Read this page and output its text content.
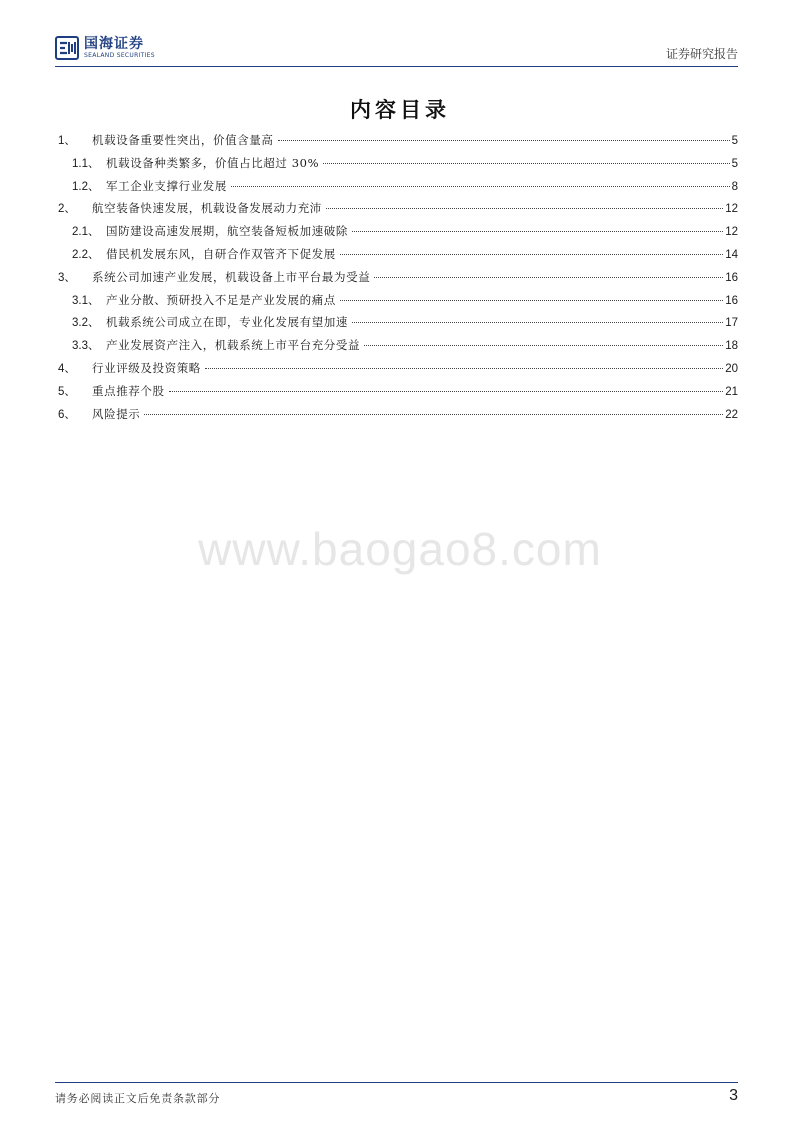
国海证券
SEALAND SECURITIES	证券研究报告
内容目录
1、	机载设备重要性突出，价值含量高	5
1.1、 机载设备种类繁多，价值占比超过 30%	5
1.2、 军工企业支撑行业发展	8
2、	航空装备快速发展，机载设备发展动力充沛	12
2.1、 国防建设高速发展期，航空装备短板加速破除	12
2.2、 借民机发展东风，自研合作双管齐下促发展	14
3、	系统公司加速产业发展，机载设备上市平台最为受益	16
3.1、 产业分散、预研投入不足是产业发展的痛点	16
3.2、 机载系统公司成立在即，专业化发展有望加速	17
3.3、 产业发展资产注入，机载系统上市平台充分受益	18
4、	行业评级及投资策略	20
5、	重点推荐个股	21
6、	风险提示	22
www.baogao8.com
请务必阅读正文后免责条款部分	3
